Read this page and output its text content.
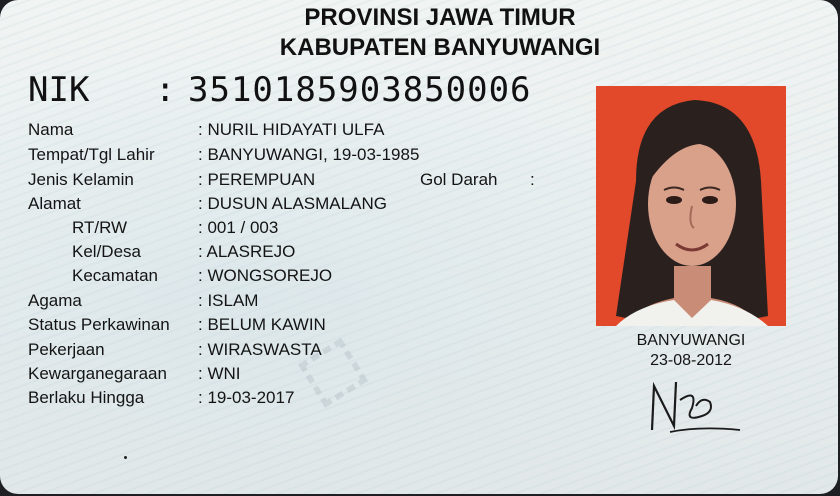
⬚
PROVINSI JAWA TIMUR
KABUPATEN BANYUWANGI
NIK : 3510185903850006
Nama
Tempat/Tgl Lahir
Jenis Kelamin
Alamat
RT/RW
Kel/Desa
Kecamatan
Agama
Status Perkawinan
Pekerjaan
Kewarganegaraan
Berlaku Hingga
: NURIL HIDAYATI ULFA
: BANYUWANGI, 19-03-1985
: PEREMPUAN
: DUSUN ALASMALANG
: 001 / 003
: ALASREJO
: WONGSOREJO
: ISLAM
: BELUM KAWIN
: WIRASWASTA
: WNI
: 19-03-2017
Gol Darah :
BANYUWANGI
23-08-2012
